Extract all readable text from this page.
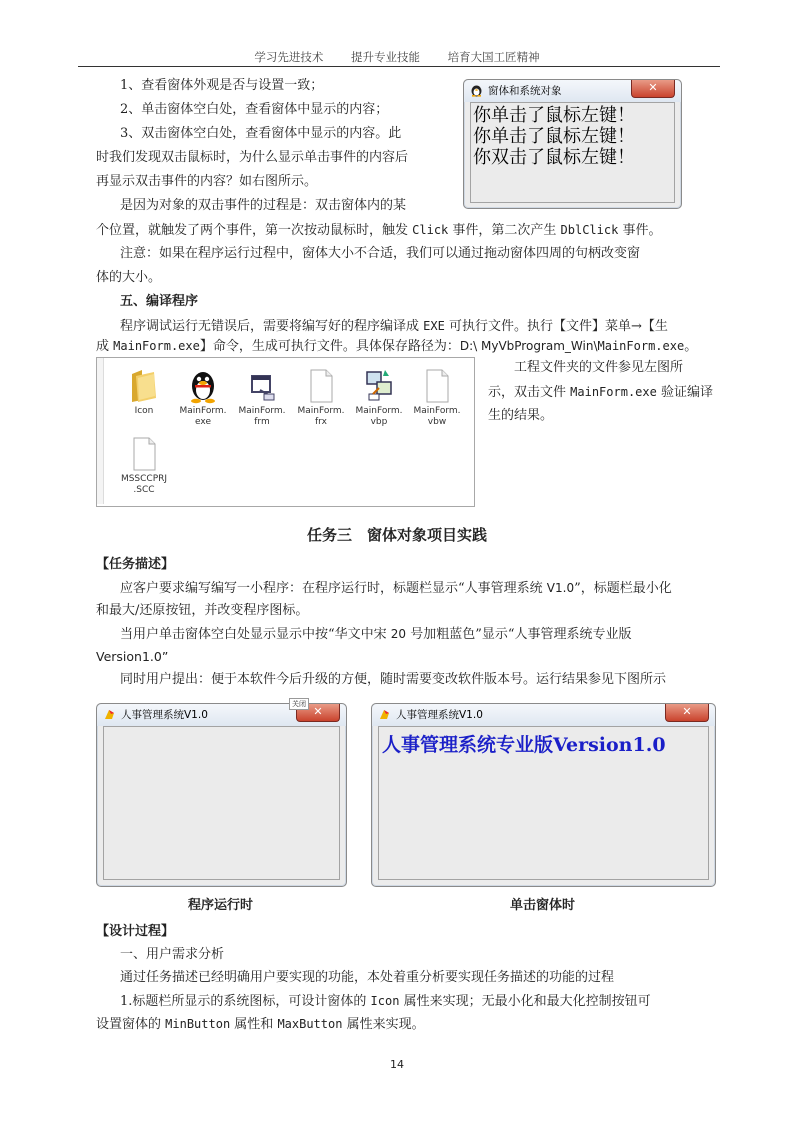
学习先进技术 提升专业技能 培育大国工匠精神
1、查看窗体外观是否与设置一致；
2、单击窗体空白处，查看窗体中显示的内容；
3、双击窗体空白处，查看窗体中显示的内容。此
时我们发现双击鼠标时，为什么显示单击事件的内容后
再显示双击事件的内容？如右图所示。
是因为对象的双击事件的过程是：双击窗体内的某
个位置，就触发了两个事件，第一次按动鼠标时，触发 Click 事件，第二次产生 DblClick 事件。
注意：如果在程序运行过程中，窗体大小不合适，我们可以通过拖动窗体四周的句柄改变窗
体的大小。
五、编译程序
程序调试运行无错误后，需要将编写好的程序编译成 EXE 可执行文件。执行【文件】菜单→【生
成 MainForm.exe】命令，生成可执行文件。具体保存路径为：D:\ MyVbProgram_Win\MainForm.exe。
窗体和系统对象	✕
你单击了鼠标左键！
你单击了鼠标左键！
你双击了鼠标左键！
Icon	MainForm.
exe
MainForm.
frm
MainForm.
frx
MainForm.
vbp
MainForm.
vbw
MSSCCPRJ
.SCC
工程文件夹的文件参见左图所
示，双击文件 MainForm.exe 验证编译
生的结果。
任务三　窗体对象项目实践
【任务描述】
应客户要求编写编写一小程序：在程序运行时，标题栏显示“人事管理系统 V1.0”，标题栏最小化
和最大/还原按钮，并改变程序图标。
当用户单击窗体空白处显示显示中按“华文中宋 20 号加粗蓝色”显示“人事管理系统专业版
Version1.0”
同时用户提出：便于本软件今后升级的方便，随时需要变改软件版本号。运行结果参见下图所示
人事管理系统V1.0	✕
关闭
程序运行时
人事管理系统V1.0	✕
人事管理系统专业版Version1.0
单击窗体时
【设计过程】
一、用户需求分析
通过任务描述已经明确用户要实现的功能，本处着重分析要实现任务描述的功能的过程
1.标题栏所显示的系统图标，可设计窗体的 Icon 属性来实现；无最小化和最大化控制按钮可
设置窗体的 MinButton 属性和 MaxButton 属性来实现。
14
